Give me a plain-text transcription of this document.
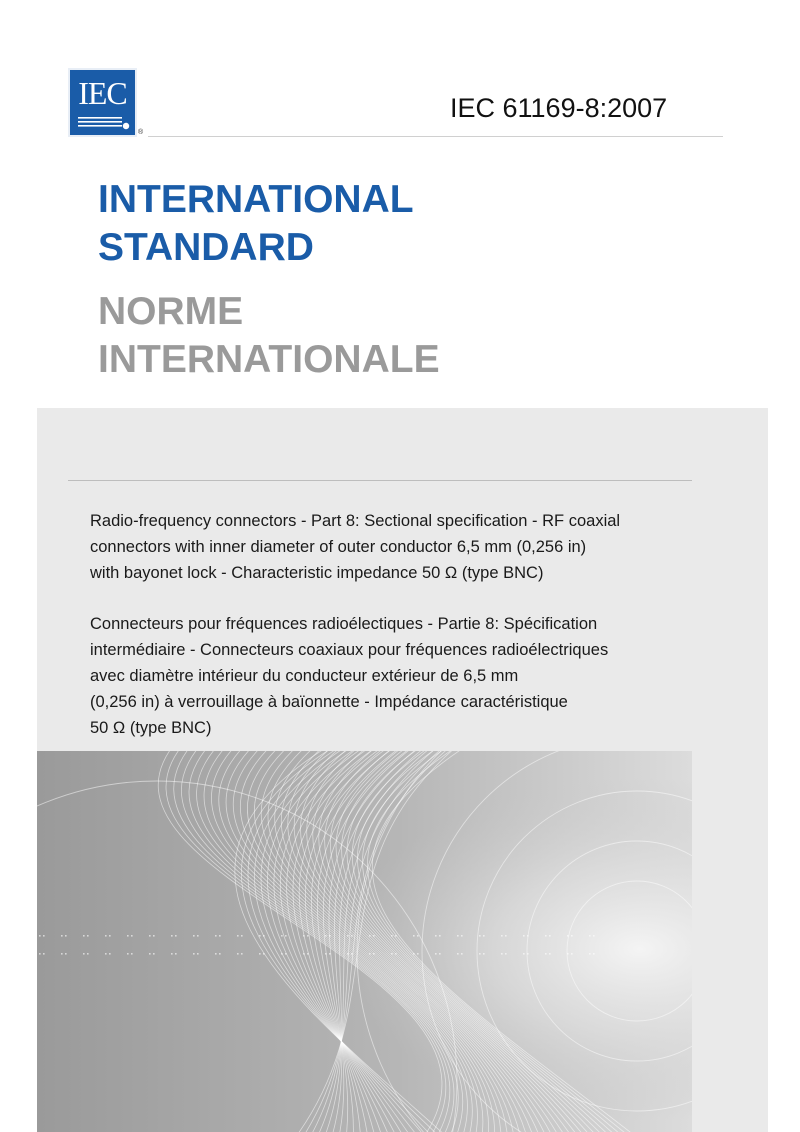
IEC
®
IEC 61169-8:2007
INTERNATIONAL
STANDARD
NORME
INTERNATIONALE

Radio-frequency connectors - Part 8: Sectional specification - RF coaxial
connectors with inner diameter of outer conductor 6,5 mm (0,256 in)
with bayonet lock - Characteristic impedance 50 Ω (type BNC)

Connecteurs pour fréquences radioélectiques - Partie 8: Spécification
intermédiaire - Connecteurs coaxiaux pour fréquences radioélectriques
avec diamètre intérieur du conducteur extérieur de 6,5 mm
(0,256 in) à verrouillage à baïonnette - Impédance caractéristique
50 Ω (type BNC)
